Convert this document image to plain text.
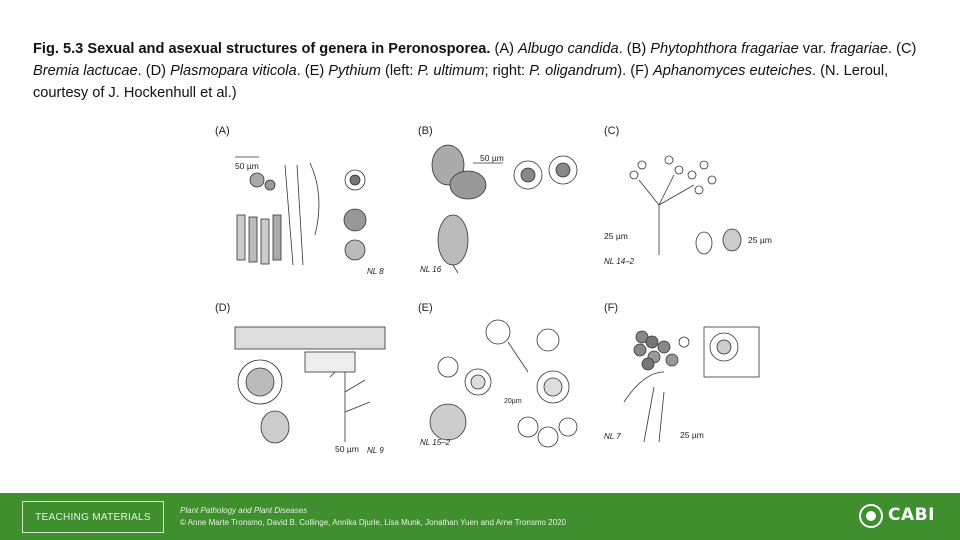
Fig. 5.3 Sexual and asexual structures of genera in Peronosporea. (A) Albugo candida. (B) Phytophthora fragariae var. fragariae. (C) Bremia lactucae. (D) Plasmopara viticola. (E) Pythium (left: P. ultimum; right: P. oligandrum). (F) Aphanomyces euteiches. (N. Leroul, courtesy of J. Hockenhull et al.)
(A)
50 µm
NL 8
(B)
50 µm
NL 16
(C)
25 µm	25 µm
NL 14–2
(D)
50 µm NL 9
(E)
20µm
NL 15–2
(F)
25 µm
NL 7
TEACHING MATERIALS
Plant Pathology and Plant Diseases
© Anne Marte Tronsmo, David B. Collinge, Annika Djurle, Lisa Munk, Jonathan Yuen and Arne Tronsmo 2020	CABI
